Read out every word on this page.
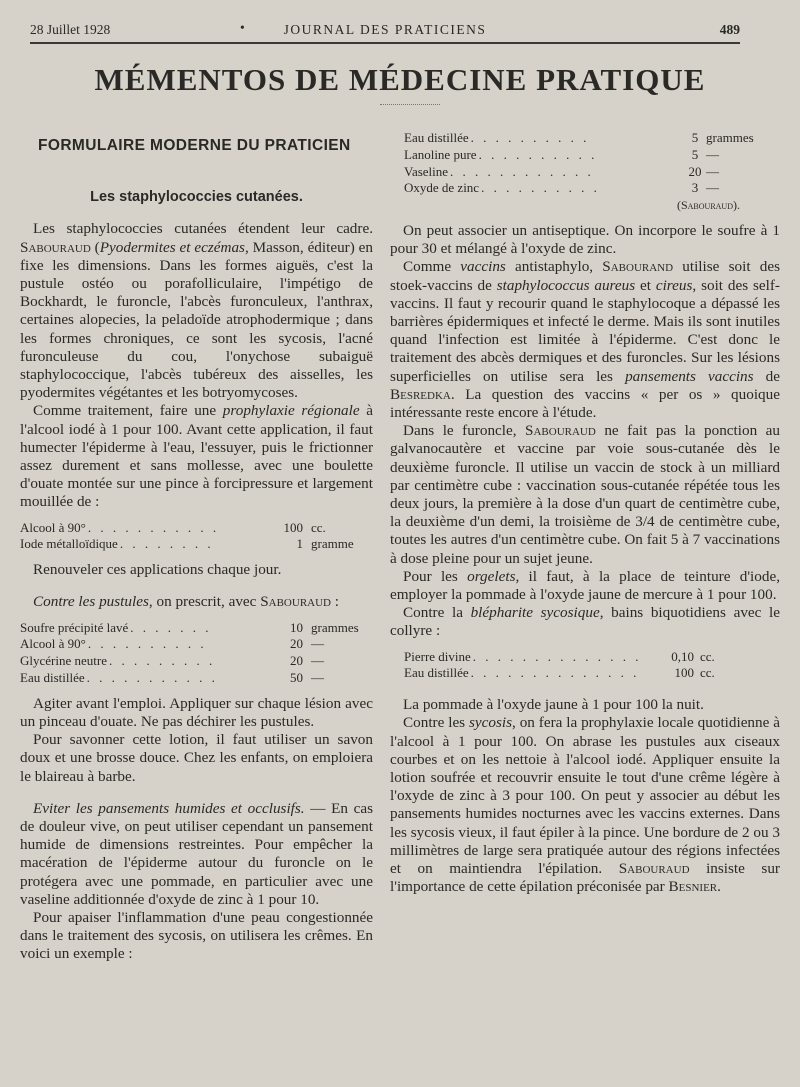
28 Juillet 1928	•	JOURNAL DES PRATICIENS	489
MÉMENTOS DE MÉDECINE PRATIQUE
FORMULAIRE MODERNE DU PRATICIEN
Les staphylococcies cutanées.

Les staphylococcies cutanées étendent leur cadre. Sabouraud (Pyodermites et eczémas, Masson, éditeur) en fixe les dimensions. Dans les formes aiguës, c'est la pustule ostéo ou porafolliculaire, l'impétigo de Bockhardt, le furoncle, l'abcès furonculeux, l'anthrax, certaines alopecies, la peladoïde atrophodermique ; dans les formes chroniques, ce sont les sycosis, l'acné furonculeuse du cou, l'onychose subaiguë staphylococcique, l'abcès tubéreux des aisselles, les pyodermites végétantes et les botryomycoses.

Comme traitement, faire une prophylaxie régionale à l'alcool iodé à 1 pour 100. Avant cette application, il faut humecter l'épiderme à l'eau, l'essuyer, puis le frictionner assez durement et sans mollesse, avec une boulette d'ouate montée sur une pince à forcipressure et largement mouillée de :

Alcool à 90° . . . . . . . . . . .	100 cc.
Iode métalloïdique . . . . . . . .	1 gramme

Renouveler ces applications chaque jour.

Contre les pustules, on prescrit, avec Sabouraud :

Soufre précipité lavé . . . . . . .	10 grammes
Alcool à 90° . . . . . . . . . .	20 —
Glycérine neutre . . . . . . . . .	20 —
Eau distillée . . . . . . . . . . .	50 —

Agiter avant l'emploi. Appliquer sur chaque lésion avec un pinceau d'ouate. Ne pas déchirer les pustules.

Pour savonner cette lotion, il faut utiliser un savon doux et une brosse douce. Chez les enfants, on emploiera le blaireau à barbe.

Eviter les pansements humides et occlusifs. — En cas de douleur vive, on peut utiliser cependant un pansement humide de dimensions restreintes. Pour empêcher la macération de l'épiderme autour du furoncle on le protégera avec une pommade, en particulier avec une vaseline additionnée d'oxyde de zinc à 1 pour 10.

Pour apaiser l'inflammation d'une peau congestionnée dans le traitement des sycosis, on utilisera les crêmes. En voici un exemple :

Eau distillée . . . . . . . . . .	5 grammes
Lanoline pure . . . . . . . . . .	5 —
Vaseline . . . . . . . . . . . .	20 —
Oxyde de zinc . . . . . . . . . .	3 —
(Sabouraud).

On peut associer un antiseptique. On incorpore le soufre à 1 pour 30 et mélangé à l'oxyde de zinc.

Comme vaccins antistaphylo, Sabourand utilise soit des stoek-vaccins de staphylococcus aureus et cireus, soit des self-vaccins. Il faut y recourir quand le staphylocoque a dépassé les barrières épidermiques et infecté le derme. Mais ils sont inutiles quand l'infection est limitée à l'épiderme. C'est donc le traitement des abcès dermiques et des furoncles. Sur les lésions superficielles on utilise sera les pansements vaccins de Besredka. La question des vaccins « per os » quoique intéressante reste encore à l'étude.

Dans le furoncle, Sabouraud ne fait pas la ponction au galvanocautère et vaccine par voie sous-cutanée dès le deuxième furoncle. Il utilise un vaccin de stock à un milliard par centimètre cube : vaccination sous-cutanée répétée tous les deux jours, la première à la dose d'un quart de centimètre cube, la deuxième d'un demi, la troisième de 3/4 de centimètre cube, toutes les autres d'un centimètre cube. On fait 5 à 7 vaccinations à dose pleine pour un sujet jeune.

Pour les orgelets, il faut, à la place de teinture d'iode, employer la pommade à l'oxyde jaune de mercure à 1 pour 100.

Contre la blépharite sycosique, bains biquotidiens avec le collyre :

Pierre divine . . . . . . . . . . . . . .	0,10 cc.
Eau distillée . . . . . . . . . . . . . .	100 cc.

La pommade à l'oxyde jaune à 1 pour 100 la nuit.

Contre les sycosis, on fera la prophylaxie locale quotidienne à l'alcool à 1 pour 100. On abrase les pustules aux ciseaux courbes et on les nettoie à l'alcool iodé. Appliquer ensuite la lotion soufrée et recouvrir ensuite le tout d'une crême légère à l'oxyde de zinc à 3 pour 100. On peut y associer au début les pansements humides nocturnes avec les vaccins externes. Dans les sycosis vieux, il faut épiler à la pince. Une bordure de 2 ou 3 millimètres de large sera pratiquée autour des régions infectées et on maintiendra l'épilation. Sabouraud insiste sur l'importance de cette épilation préconisée par Besnier.
